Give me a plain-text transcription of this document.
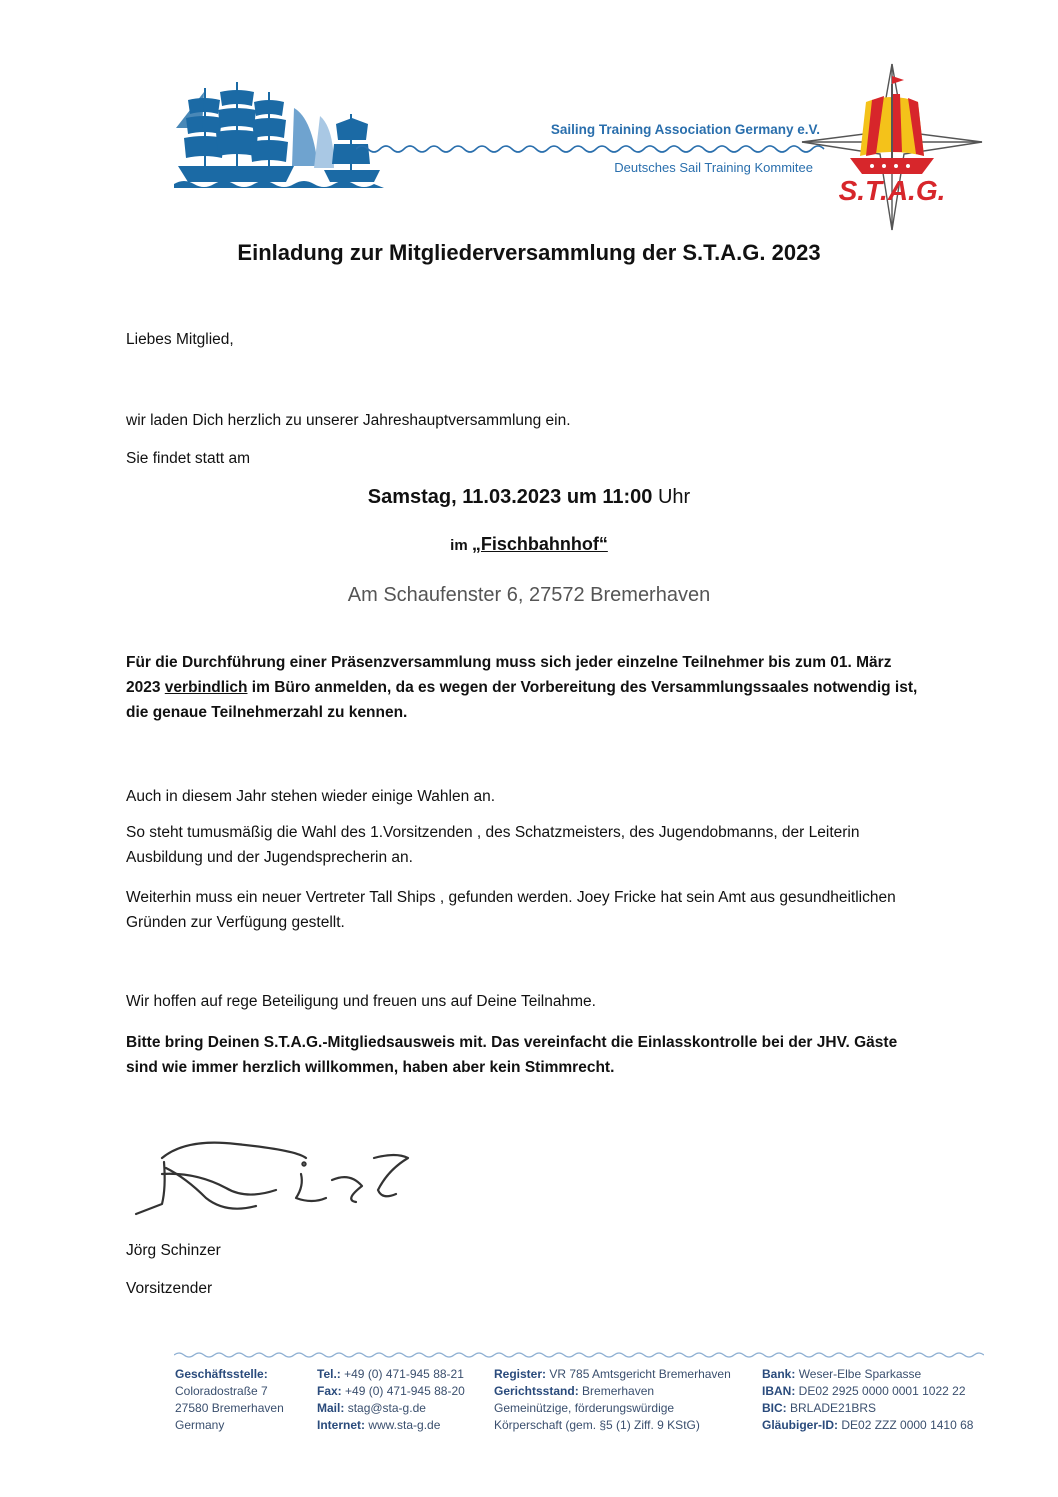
Sailing Training Association Germany e.V.
Deutsches Sail Training Kommitee
S.T.A.G.
Einladung zur Mitgliederversammlung der S.T.A.G. 2023
Liebes Mitglied,
wir laden Dich herzlich zu unserer Jahreshauptversammlung ein.
Sie findet statt am
Samstag, 11.03.2023 um 11:00 Uhr
im „Fischbahnhof“
Am Schaufenster 6, 27572 Bremerhaven
Für die Durchführung einer Präsenzversammlung muss sich jeder einzelne Teilnehmer bis zum 01. März 2023 verbindlich im Büro anmelden, da es wegen der Vorbereitung des Versammlungssaales notwendig ist, die genaue Teilnehmerzahl zu kennen.
Auch in diesem Jahr stehen wieder einige Wahlen an.
So steht tumusmäßig die Wahl des 1.Vorsitzenden , des Schatzmeisters, des Jugendobmanns, der Leiterin Ausbildung und der Jugendsprecherin an.
Weiterhin muss ein neuer Vertreter Tall Ships , gefunden werden. Joey Fricke hat sein Amt aus gesundheitlichen Gründen zur Verfügung gestellt.
Wir hoffen auf rege Beteiligung und freuen uns auf Deine Teilnahme.
Bitte bring Deinen S.T.A.G.-Mitgliedsausweis mit. Das vereinfacht die Einlasskontrolle bei der JHV. Gäste sind wie immer herzlich willkommen, haben aber kein Stimmrecht.
Jörg Schinzer
Vorsitzender
Geschäftsstelle:
Coloradostraße 7
27580 Bremerhaven
Germany
Tel.: +49 (0) 471-945 88-21
Fax: +49 (0) 471-945 88-20
Mail: stag@sta-g.de
Internet: www.sta-g.de
Register: VR 785 Amtsgericht Bremerhaven
Gerichtsstand: Bremerhaven
Gemeinützige, förderungswürdige
Körperschaft (gem. §5 (1) Ziff. 9 KStG)
Bank: Weser-Elbe Sparkasse
IBAN: DE02 2925 0000 0001 1022 22
BIC: BRLADE21BRS
Gläubiger-ID: DE02 ZZZ 0000 1410 68
